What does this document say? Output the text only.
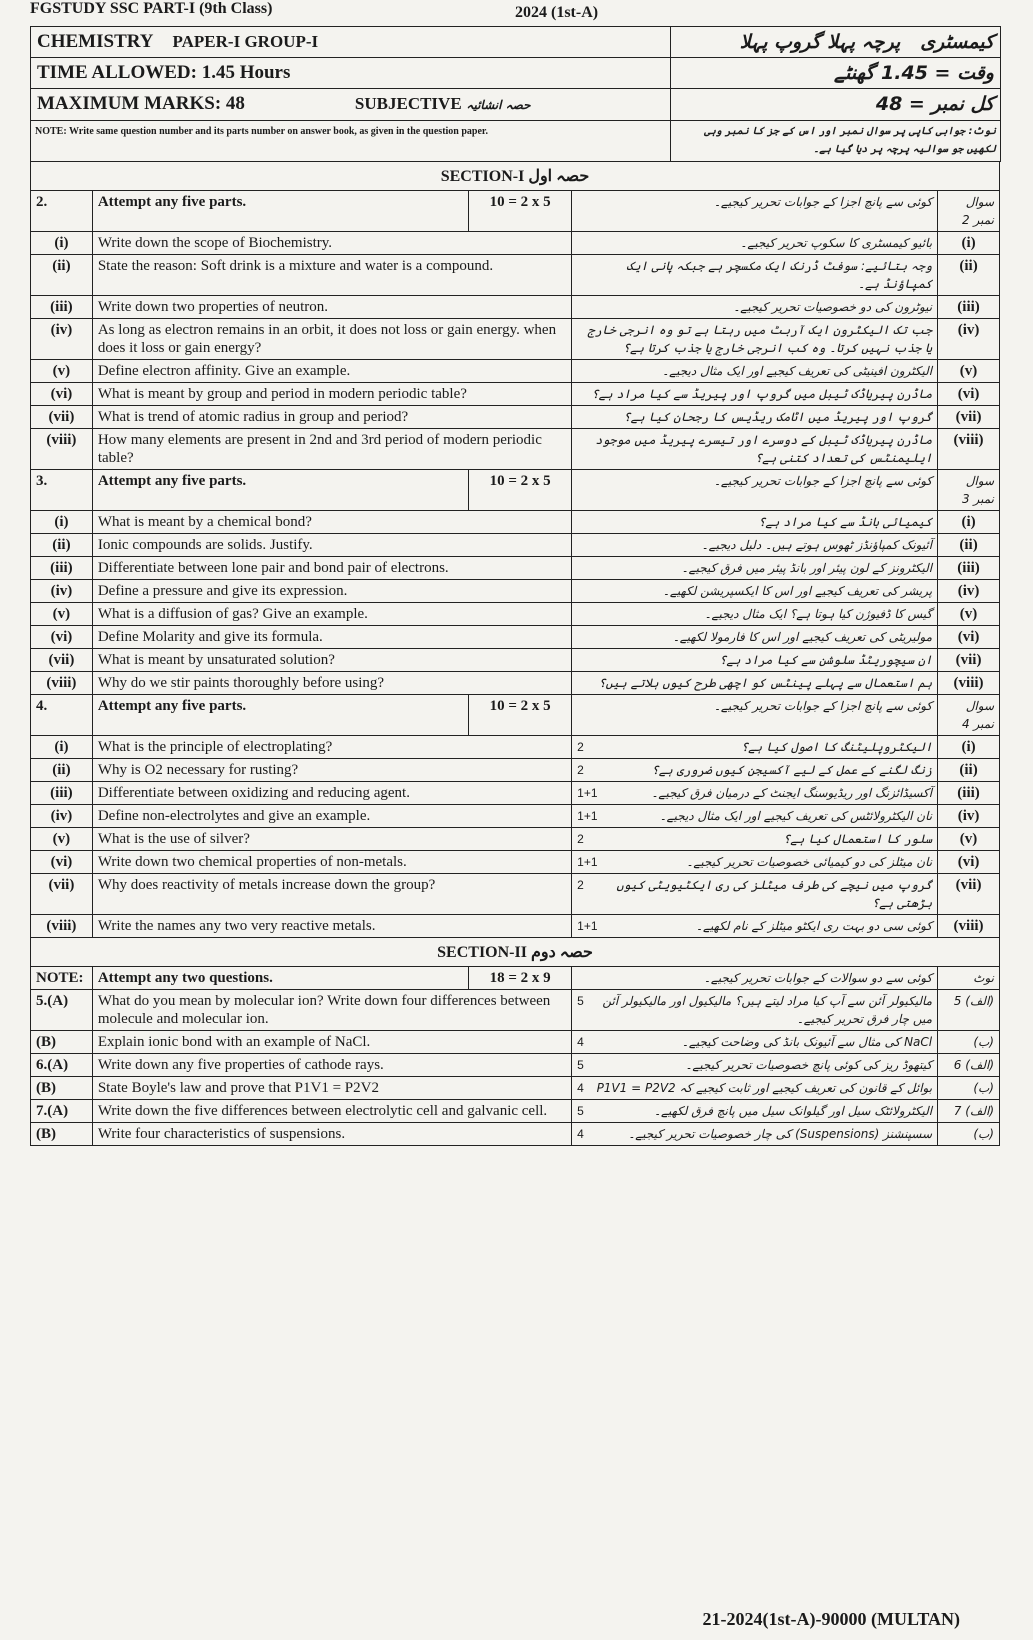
FGSTUDY SSC PART-I (9th Class)	2024 (1st-A)
CHEMISTRY PAPER-I GROUP-I	کیمسٹری   پرچہ پہلا گروپ پہلا
TIME ALLOWED: 1.45 Hours	وقت = 1.45 گھنٹے
MAXIMUM MARKS: 48 SUBJECTIVE حصہ انشائیہ	کل نمبر = 48
NOTE: Write same question number and its parts number on answer book, as given in the question paper.	نوٹ: جوابی کاپی پر سوال نمبر اور اس کے جز کا نمبر وہی لکھیں جو سوالیہ پرچہ پر دیا گیا ہے۔
SECTION-I حصہ اول
2.	Attempt any five parts.	10 = 2 x 5	کوئی سے پانچ اجزا کے جوابات تحریر کیجیے۔	سوال نمبر 2
(i)	Write down the scope of Biochemistry.		بائیو کیمسٹری کا سکوپ تحریر کیجیے۔	(i)
(ii)	State the reason: Soft drink is a mixture and water is a compound.		وجہ بتائیے: سوفٹ ڈرنک ایک مکسچر ہے جبکہ پانی ایک کمپاؤنڈ ہے۔	(ii)
(iii)	Write down two properties of neutron.		نیوٹرون کی دو خصوصیات تحریر کیجیے۔	(iii)
(iv)	As long as electron remains in an orbit, it does not loss or gain energy. when does it loss or gain energy?		جب تک الیکٹرون ایک آربٹ میں رہتا ہے تو وہ انرجی خارج یا جذب نہیں کرتا۔ وہ کب انرجی خارج یا جذب کرتا ہے؟	(iv)
(v)	Define electron affinity. Give an example.		الیکٹرون افینیٹی کی تعریف کیجیے اور ایک مثال دیجیے۔	(v)
(vi)	What is meant by group and period in modern periodic table?		ماڈرن پیریاڈک ٹیبل میں گروپ اور پیریڈ سے کیا مراد ہے؟	(vi)
(vii)	What is trend of atomic radius in group and period?		گروپ اور پیریڈ میں اٹامک ریڈیس کا رجحان کیا ہے؟	(vii)
(viii)	How many elements are present in 2nd and 3rd period of modern periodic table?		ماڈرن پیریاڈک ٹیبل کے دوسرے اور تیسرے پیریڈ میں موجود ایلیمنٹس کی تعداد کتنی ہے؟	(viii)
3.	Attempt any five parts.	10 = 2 x 5	کوئی سے پانچ اجزا کے جوابات تحریر کیجیے۔	سوال نمبر 3
(i)	What is meant by a chemical bond?		کیمیائی بانڈ سے کیا مراد ہے؟	(i)
(ii)	Ionic compounds are solids. Justify.		آئیونک کمپاؤنڈز ٹھوس ہوتے ہیں۔ دلیل دیجیے۔	(ii)
(iii)	Differentiate between lone pair and bond pair of electrons.		الیکٹرونز کے لون پیئر اور بانڈ پیئر میں فرق کیجیے۔	(iii)
(iv)	Define a pressure and give its expression.		پریشر کی تعریف کیجیے اور اس کا ایکسپریشن لکھیے۔	(iv)
(v)	What is a diffusion of gas? Give an example.		گیس کا ڈفیوژن کیا ہوتا ہے؟ ایک مثال دیجیے۔	(v)
(vi)	Define Molarity and give its formula.		مولیریٹی کی تعریف کیجیے اور اس کا فارمولا لکھیے۔	(vi)
(vii)	What is meant by unsaturated solution?		ان سیچوریٹڈ سلوشن سے کیا مراد ہے؟	(vii)
(viii)	Why do we stir paints thoroughly before using?		ہم استعمال سے پہلے پینٹس کو اچھی طرح کیوں ہلاتے ہیں؟	(viii)
4.	Attempt any five parts.	10 = 2 x 5	کوئی سے پانچ اجزا کے جوابات تحریر کیجیے۔	سوال نمبر 4
(i)	What is the principle of electroplating?		2 الیکٹروپلیٹنگ کا اصول کیا ہے؟	(i)
(ii)	Why is O2 necessary for rusting?		2 زنگ لگنے کے عمل کے لیے آکسیجن کیوں ضروری ہے؟	(ii)
(iii)	Differentiate between oxidizing and reducing agent.		1+1 آکسیڈائزنگ اور ریڈیوسنگ ایجنٹ کے درمیان فرق کیجیے۔	(iii)
(iv)	Define non-electrolytes and give an example.		1+1 نان الیکٹرولائٹس کی تعریف کیجیے اور ایک مثال دیجیے۔	(iv)
(v)	What is the use of silver?		2 سلور کا استعمال کیا ہے؟	(v)
(vi)	Write down two chemical properties of non-metals.		1+1 نان میٹلز کی دو کیمیائی خصوصیات تحریر کیجیے۔	(vi)
(vii)	Why does reactivity of metals increase down the group?		2 گروپ میں نیچے کی طرف میٹلز کی ری ایکٹیویٹی کیوں بڑھتی ہے؟	(vii)
(viii)	Write the names any two very reactive metals.		1+1 کوئی سی دو بہت ری ایکٹو میٹلز کے نام لکھیے۔	(viii)
SECTION-II حصہ دوم
NOTE:	Attempt any two questions.	18 = 2 x 9	کوئی سے دو سوالات کے جوابات تحریر کیجیے۔	نوٹ
5.(A)	What do you mean by molecular ion? Write down four differences between molecule and molecular ion.		5 مالیکیولر آئن سے آپ کیا مراد لیتے ہیں؟ مالیکیول اور مالیکیولر آئن میں چار فرق تحریر کیجیے۔	(الف) 5
(B)	Explain ionic bond with an example of NaCl.		4 NaCl کی مثال سے آئیونک بانڈ کی وضاحت کیجیے۔	(ب)
6.(A)	Write down any five properties of cathode rays.		5 کیتھوڈ ریز کی کوئی پانچ خصوصیات تحریر کیجیے۔	(الف) 6
(B)	State Boyle's law and prove that P1V1 = P2V2		4 بوائل کے قانون کی تعریف کیجیے اور ثابت کیجیے کہ P1V1 = P2V2	(ب)
7.(A)	Write down the five differences between electrolytic cell and galvanic cell.		5 الیکٹرولائٹک سیل اور گیلوانک سیل میں پانچ فرق لکھیے۔	(الف) 7
(B)	Write four characteristics of suspensions.		4 سسپنشنز (Suspensions) کی چار خصوصیات تحریر کیجیے۔	(ب)
21-2024(1st-A)-90000 (MULTAN)
